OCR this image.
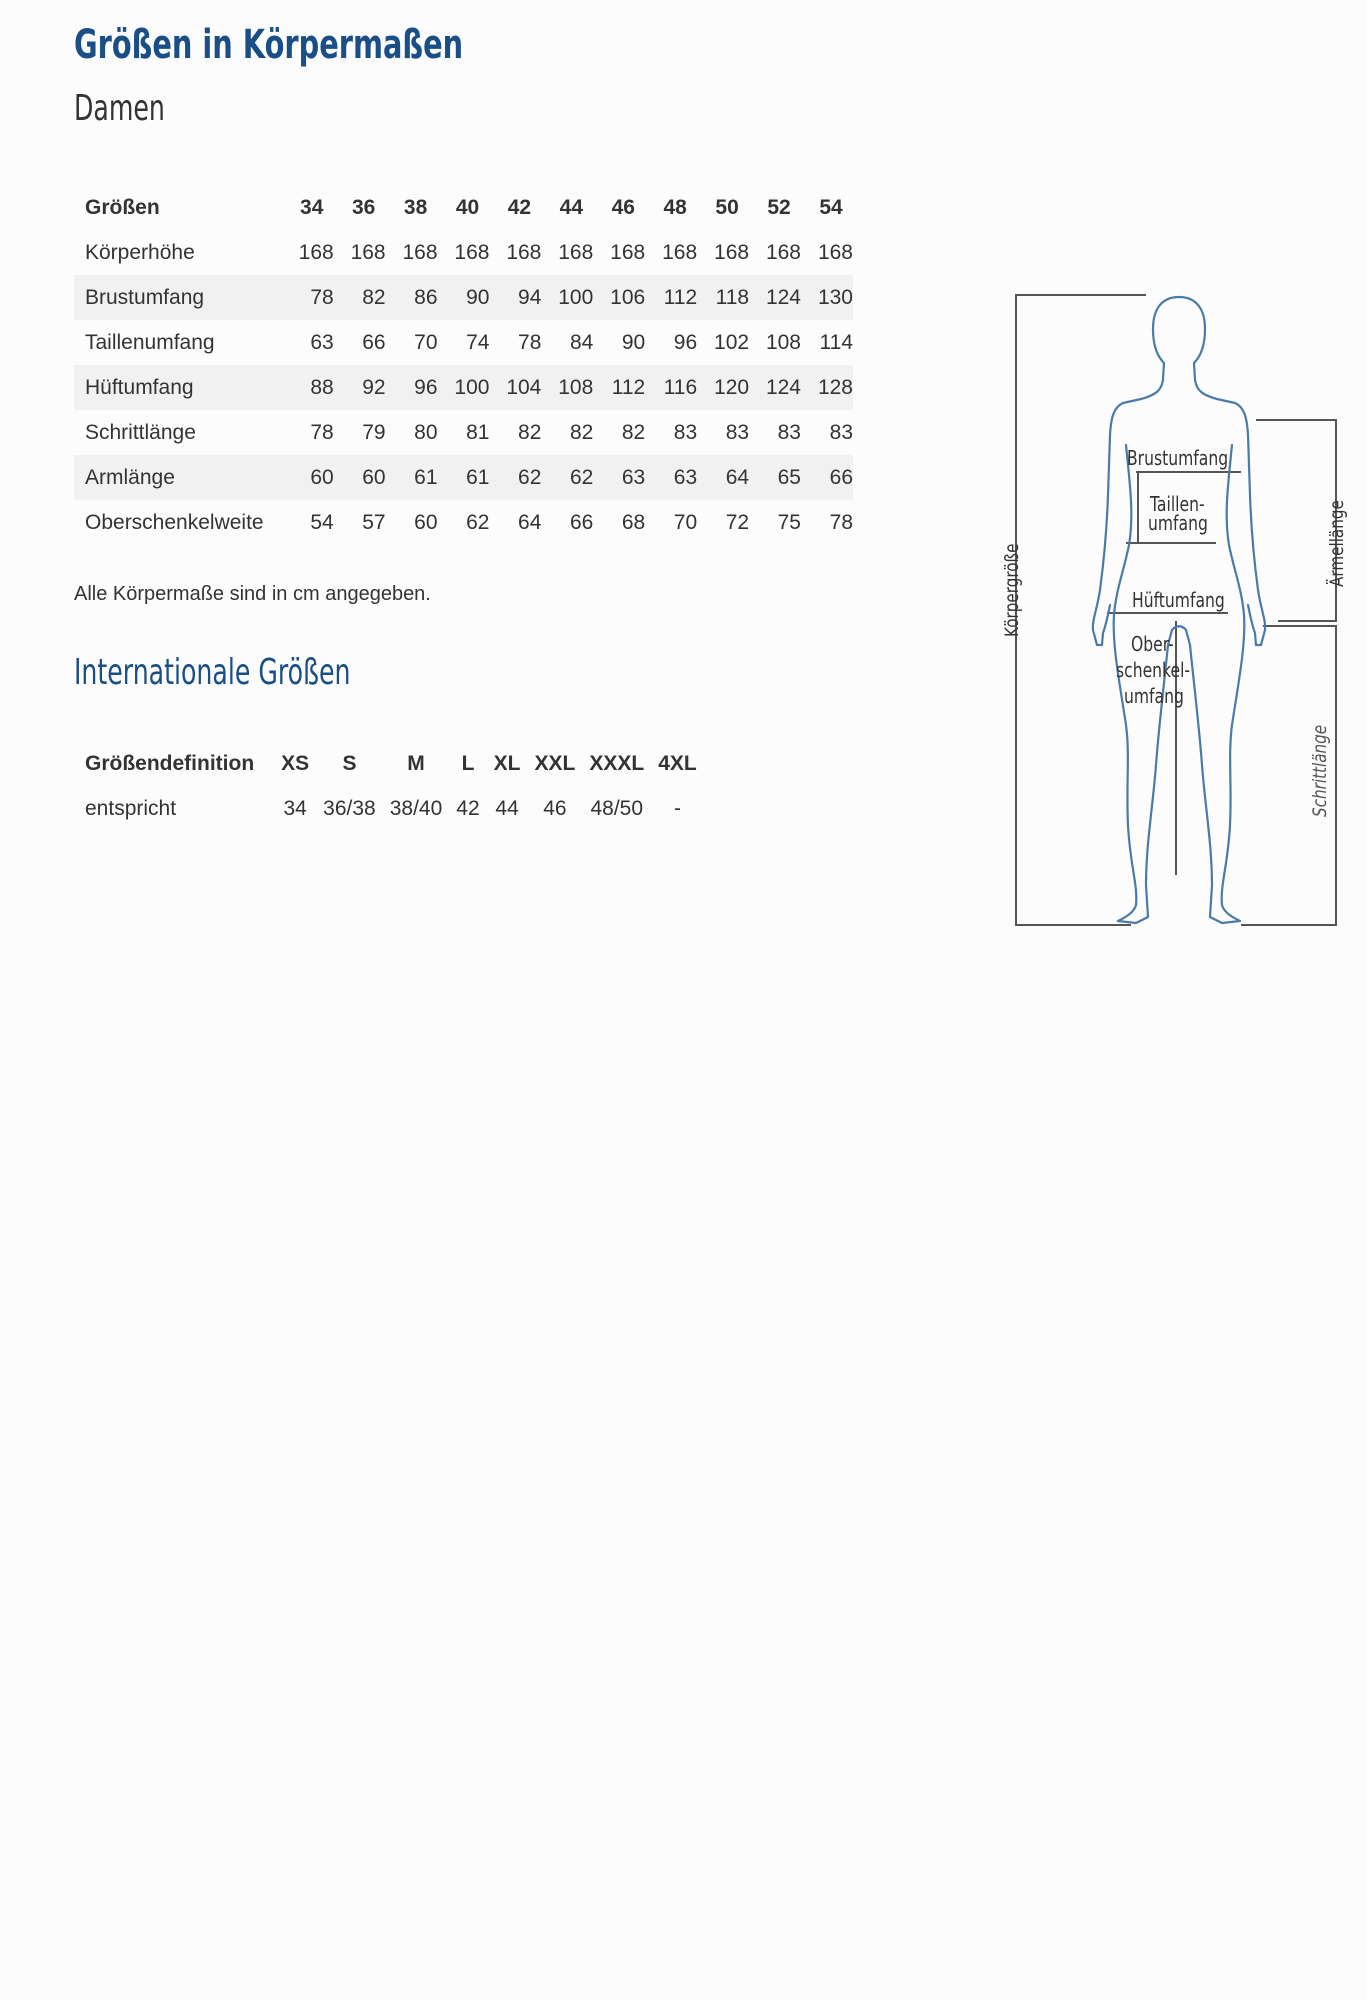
Größen in Körpermaßen
Damen
Größen	34	36	38	40	42	44	46	48	50	52	54
Körperhöhe	168	168	168	168	168	168	168	168	168	168	168
Brustumfang	78	82	86	90	94	100	106	112	118	124	130
Taillenumfang	63	66	70	74	78	84	90	96	102	108	114
Hüftumfang	88	92	96	100	104	108	112	116	120	124	128
Schrittlänge	78	79	80	81	82	82	82	83	83	83	83
Armlänge	60	60	61	61	62	62	63	63	64	65	66
Oberschenkelweite	54	57	60	62	64	66	68	70	72	75	78
Alle Körpermaße sind in cm angegeben.
Internationale Größen
Größendefinition	XS	S	M	L	XL	XXL	XXXL	4XL
entspricht	34	36/38	38/40	42	44	46	48/50	-
Brustumfang
Taillen-
umfang
Hüftumfang
Ober-
schenkel-
umfang
Körpergröße	Ärmellänge
Schrittlänge
